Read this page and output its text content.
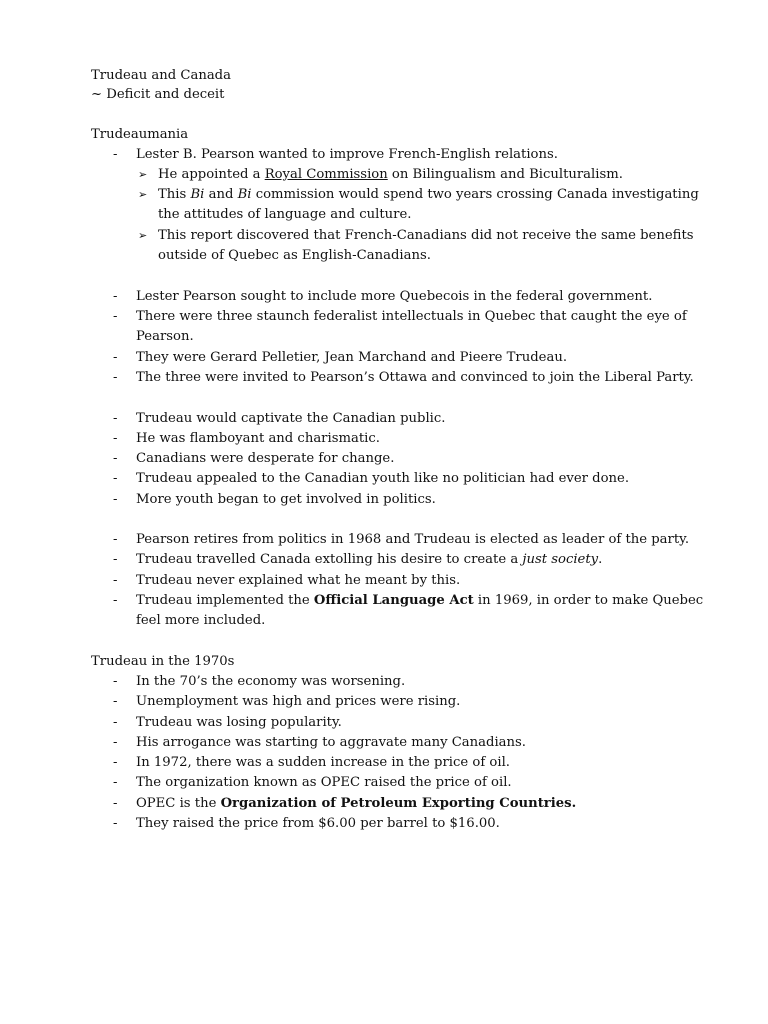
Trudeau and Canada
~ Deficit and deceit
Trudeaumania
- Lester B. Pearson wanted to improve French-English relations.
➢ He appointed a Royal Commission on Bilingualism and Biculturalism.
➢ This Bi and Bi commission would spend two years crossing Canada investigating
the attitudes of language and culture.
➢ This report discovered that French-Canadians did not receive the same benefits
outside of Quebec as English-Canadians.
- Lester Pearson sought to include more Quebecois in the federal government.
- There were three staunch federalist intellectuals in Quebec that caught the eye of
Pearson.
- They were Gerard Pelletier, Jean Marchand and Pieere Trudeau.
- The three were invited to Pearson’s Ottawa and convinced to join the Liberal Party.
- Trudeau would captivate the Canadian public.
- He was flamboyant and charismatic.
- Canadians were desperate for change.
- Trudeau appealed to the Canadian youth like no politician had ever done.
- More youth began to get involved in politics.
- Pearson retires from politics in 1968 and Trudeau is elected as leader of the party.
- Trudeau travelled Canada extolling his desire to create a just society.
- Trudeau never explained what he meant by this.
- Trudeau implemented the Official Language Act in 1969, in order to make Quebec
feel more included.
Trudeau in the 1970s
- In the 70’s the economy was worsening.
- Unemployment was high and prices were rising.
- Trudeau was losing popularity.
- His arrogance was starting to aggravate many Canadians.
- In 1972, there was a sudden increase in the price of oil.
- The organization known as OPEC raised the price of oil.
- OPEC is the Organization of Petroleum Exporting Countries.
- They raised the price from $6.00 per barrel to $16.00.
